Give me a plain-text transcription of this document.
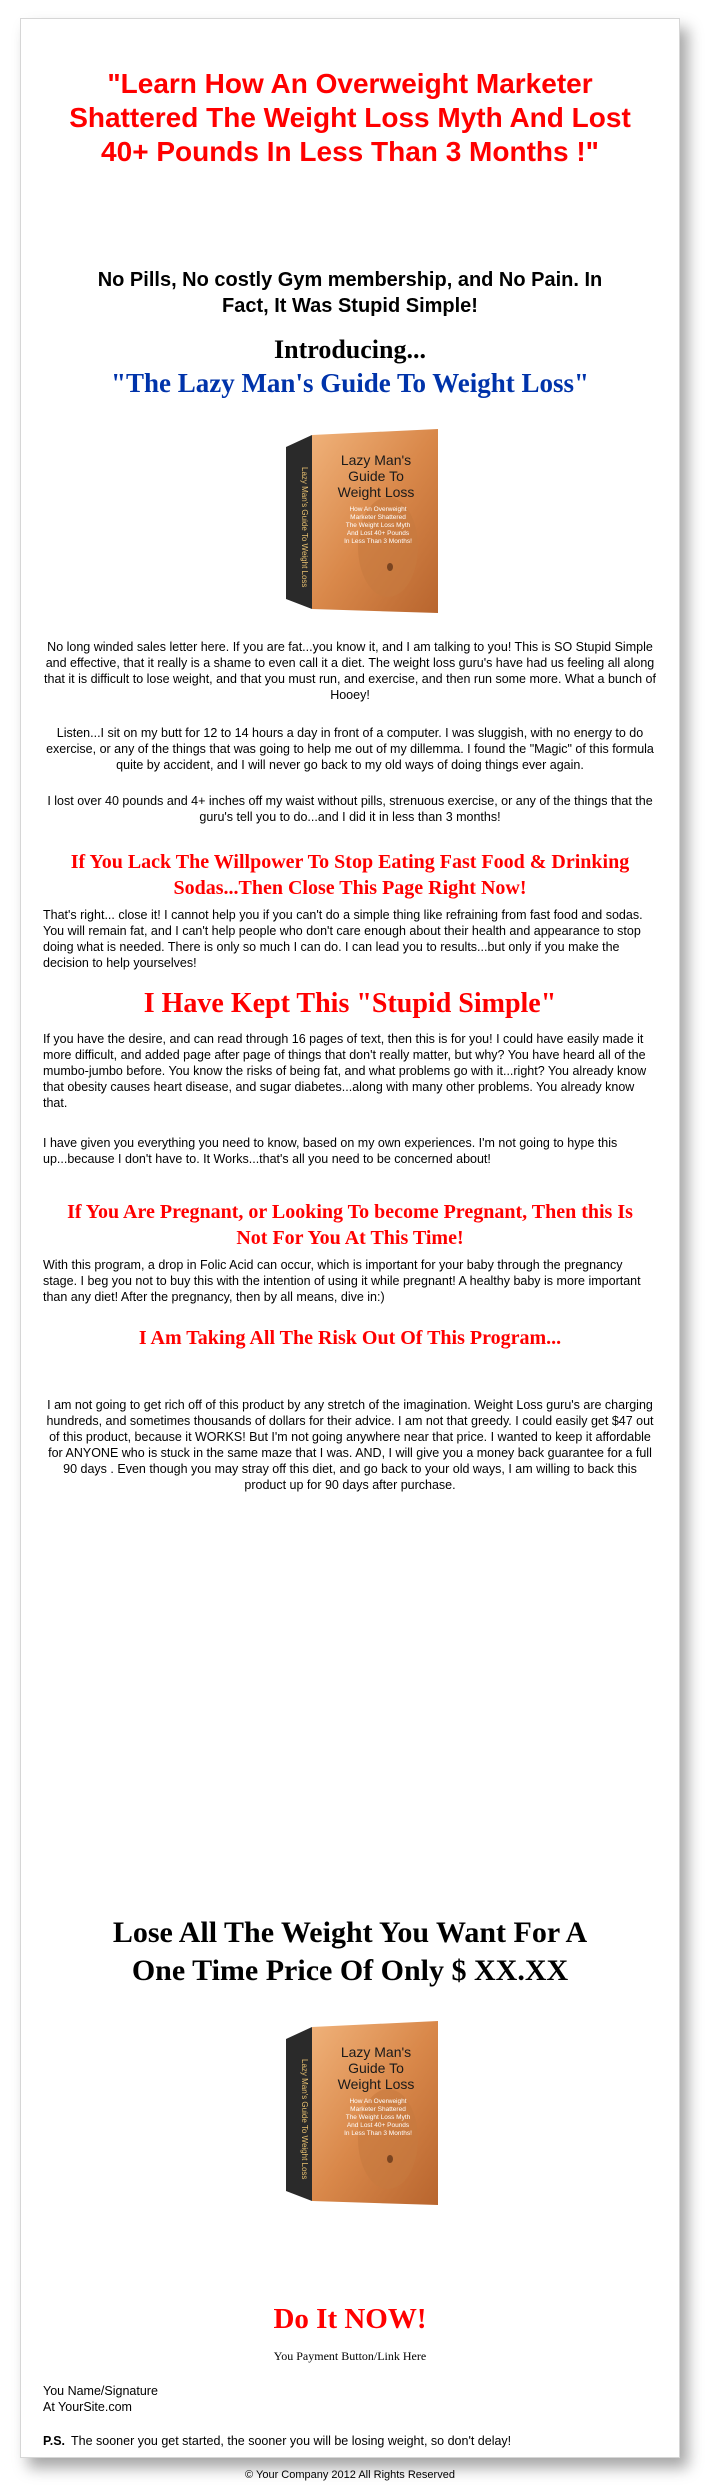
"Learn How An Overweight Marketer Shattered The Weight Loss Myth And Lost 40+ Pounds In Less Than 3 Months !"
No Pills, No costly Gym membership, and No Pain. In Fact, It Was Stupid Simple!
Introducing...
"The Lazy Man's Guide To Weight Loss"
Lazy Man's
Guide To
Weight Loss
How An Overweight
Marketer Shattered
The Weight Loss Myth
And Lost 40+ Pounds
In Less Than 3 Months!
Lazy Man's Guide To Weight Loss
No long winded sales letter here. If you are fat...you know it, and I am talking to you! This is SO Stupid Simple and effective, that it really is a shame to even call it a diet. The weight loss guru's have had us feeling all along that it is difficult to lose weight, and that you must run, and exercise, and then run some more. What a bunch of Hooey!
Listen...I sit on my butt for 12 to 14 hours a day in front of a computer. I was sluggish, with no energy to do exercise, or any of the things that was going to help me out of my dillemma. I found the "Magic" of this formula quite by accident, and I will never go back to my old ways of doing things ever again.
I lost over 40 pounds and 4+ inches off my waist without pills, strenuous exercise, or any of the things that the guru's tell you to do...and I did it in less than 3 months!
If You Lack The Willpower To Stop Eating Fast Food & Drinking Sodas...Then Close This Page Right Now!
That's right... close it! I cannot help you if you can't do a simple thing like refraining from fast food and sodas. You will remain fat, and I can't help people who don't care enough about their health and appearance to stop doing what is needed. There is only so much I can do. I can lead you to results...but only if you make the decision to help yourselves!
I Have Kept This "Stupid Simple"
If you have the desire, and can read through 16 pages of text, then this is for you! I could have easily made it more difficult, and added page after page of things that don't really matter, but why? You have heard all of the mumbo-jumbo before. You know the risks of being fat, and what problems go with it...right? You already know that obesity causes heart disease, and sugar diabetes...along with many other problems. You already know that.
I have given you everything you need to know, based on my own experiences. I'm not going to hype this up...because I don't have to. It Works...that's all you need to be concerned about!
If You Are Pregnant, or Looking To become Pregnant, Then this Is Not For You At This Time!
With this program, a drop in Folic Acid can occur, which is important for your baby through the pregnancy stage. I beg you not to buy this with the intention of using it while pregnant! A healthy baby is more important than any diet! After the pregnancy, then by all means, dive in:)
I Am Taking All The Risk Out Of This Program...
I am not going to get rich off of this product by any stretch of the imagination. Weight Loss guru's are charging hundreds, and sometimes thousands of dollars for their advice. I am not that greedy. I could easily get $47 out of this product, because it WORKS! But I'm not going anywhere near that price. I wanted to keep it affordable for ANYONE who is stuck in the same maze that I was. AND, I will give you a money back guarantee for a full 90 days . Even though you may stray off this diet, and go back to your old ways, I am willing to back this product up for 90 days after purchase.
Lose All The Weight You Want For A
One Time Price Of Only $ XX.XX
Lazy Man's
Guide To
Weight Loss
How An Overweight
Marketer Shattered
The Weight Loss Myth
And Lost 40+ Pounds
In Less Than 3 Months!
Lazy Man's Guide To Weight Loss
Do It NOW!
You Payment Button/Link Here
You Name/Signature
At YourSite.com
P.S. The sooner you get started, the sooner you will be losing weight, so don't delay!
© Your Company 2012 All Rights Reserved
